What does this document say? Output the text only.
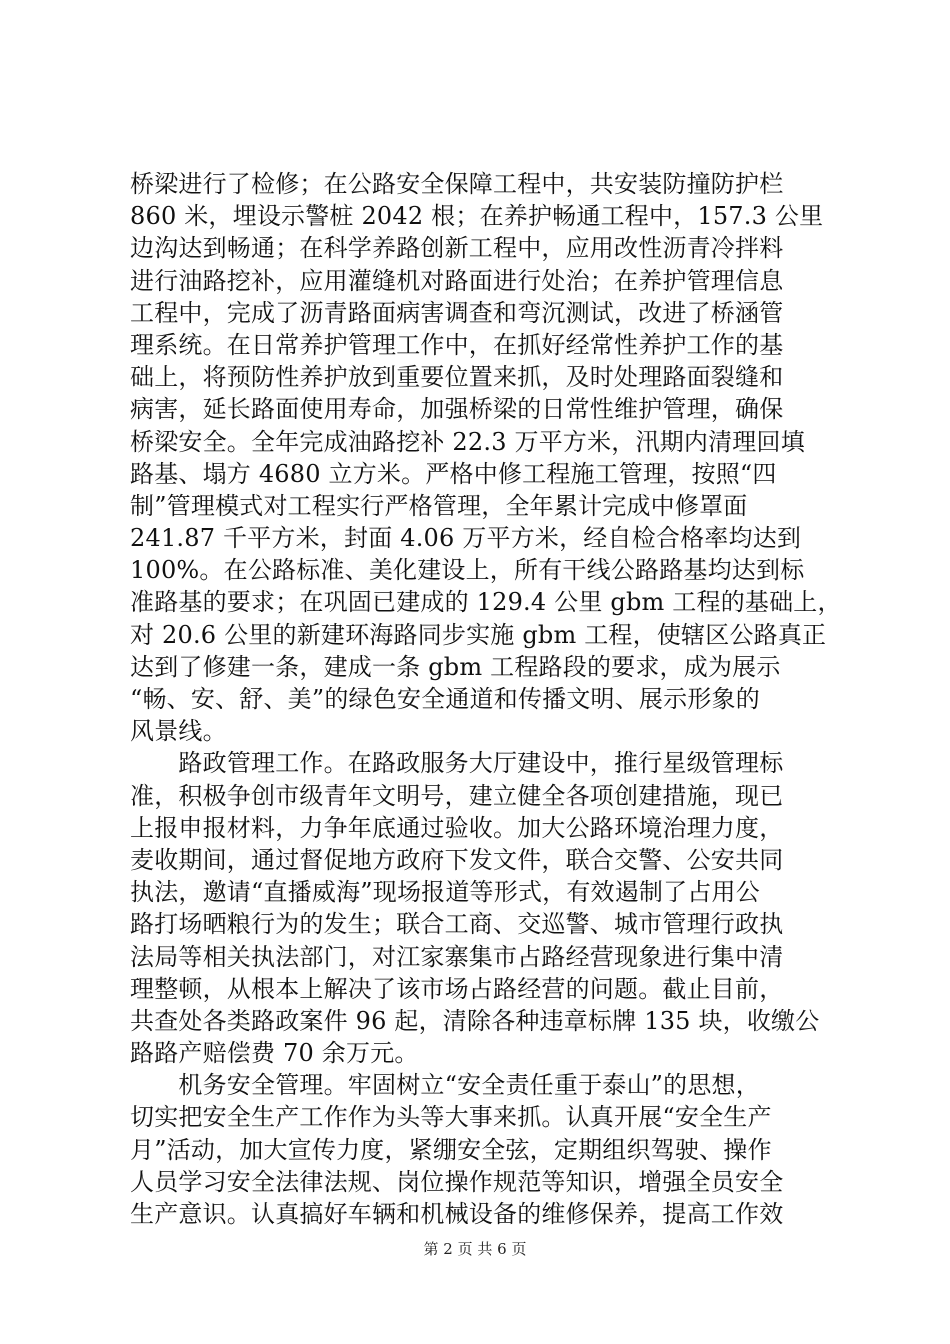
桥梁进行了检修；在公路安全保障工程中，共安装防撞防护栏
860 米，埋设示警桩 2042 根；在养护畅通工程中，157.3 公里
边沟达到畅通；在科学养路创新工程中，应用改性沥青冷拌料
进行油路挖补，应用灌缝机对路面进行处治；在养护管理信息
工程中，完成了沥青路面病害调查和弯沉测试，改进了桥涵管
理系统。在日常养护管理工作中，在抓好经常性养护工作的基
础上，将预防性养护放到重要位置来抓，及时处理路面裂缝和
病害，延长路面使用寿命，加强桥梁的日常性维护管理，确保
桥梁安全。全年完成油路挖补 22.3 万平方米，汛期内清理回填
路基、塌方 4680 立方米。严格中修工程施工管理，按照“四
制”管理模式对工程实行严格管理，全年累计完成中修罩面
241.87 千平方米，封面 4.06 万平方米，经自检合格率均达到
100%。在公路标准、美化建设上，所有干线公路路基均达到标
准路基的要求；在巩固已建成的 129.4 公里 gbm 工程的基础上，
对 20.6 公里的新建环海路同步实施 gbm 工程，使辖区公路真正
达到了修建一条，建成一条 gbm 工程路段的要求，成为展示
“畅、安、舒、美”的绿色安全通道和传播文明、展示形象的
风景线。
　　路政管理工作。在路政服务大厅建设中，推行星级管理标
准，积极争创市级青年文明号，建立健全各项创建措施，现已
上报申报材料，力争年底通过验收。加大公路环境治理力度，
麦收期间，通过督促地方政府下发文件，联合交警、公安共同
执法，邀请“直播威海”现场报道等形式，有效遏制了占用公
路打场晒粮行为的发生；联合工商、交巡警、城市管理行政执
法局等相关执法部门，对江家寨集市占路经营现象进行集中清
理整顿，从根本上解决了该市场占路经营的问题。截止目前，
共查处各类路政案件 96 起，清除各种违章标牌 135 块，收缴公
路路产赔偿费 70 余万元。
　　机务安全管理。牢固树立“安全责任重于泰山”的思想，
切实把安全生产工作作为头等大事来抓。认真开展“安全生产
月”活动，加大宣传力度，紧绷安全弦，定期组织驾驶、操作
人员学习安全法律法规、岗位操作规范等知识，增强全员安全
生产意识。认真搞好车辆和机械设备的维修保养，提高工作效
第 2 页 共 6 页
